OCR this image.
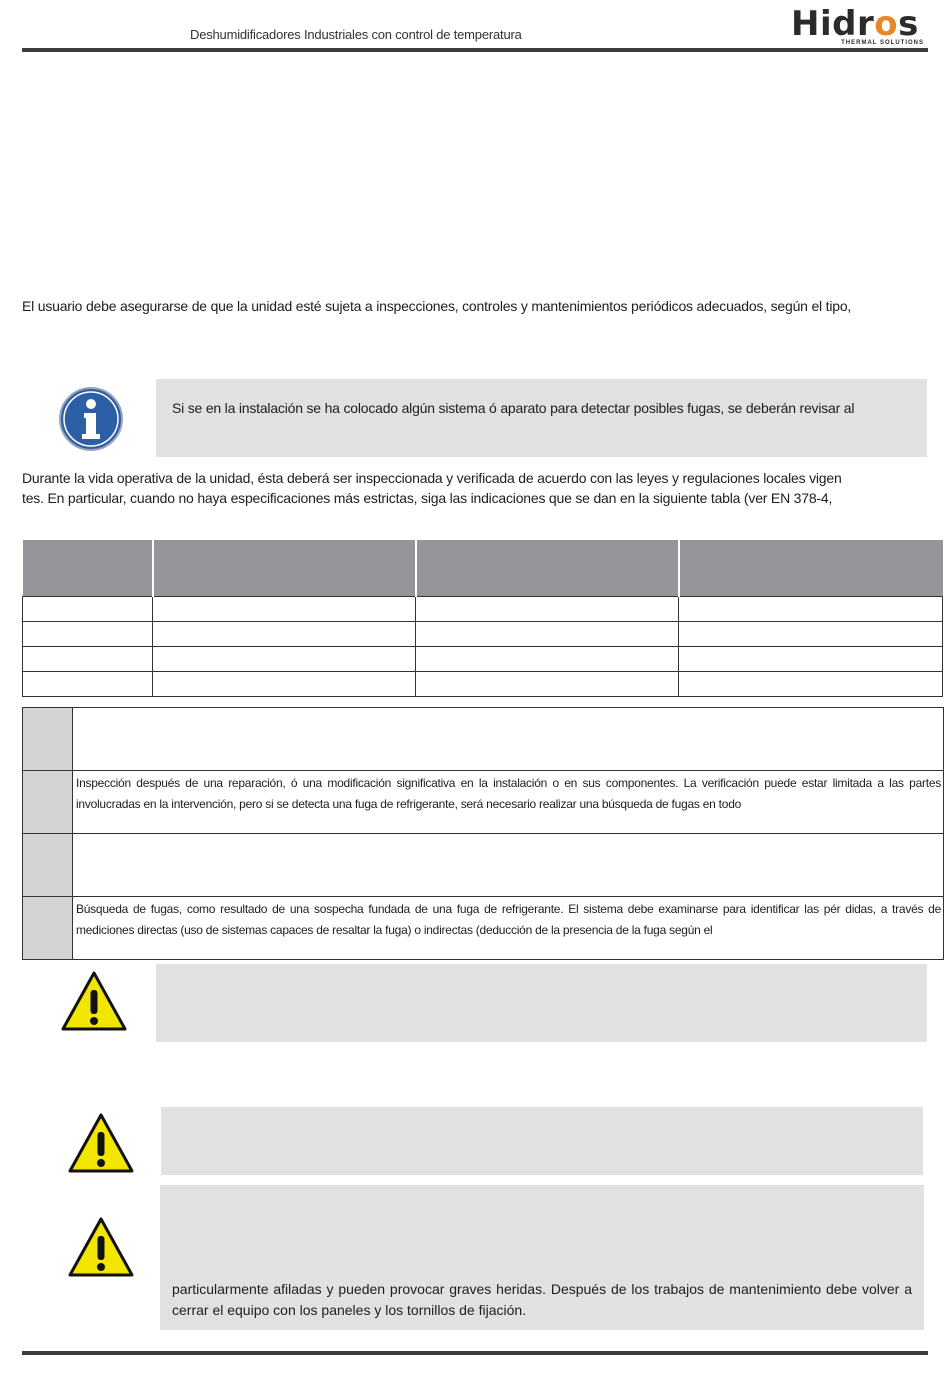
Deshumidificadores Industriales con control de temperatura	Hidros
THERMAL SOLUTIONS
El usuario debe asegurarse de que la unidad esté sujeta a inspecciones, controles y mantenimientos periódicos adecuados, según el tipo,
Si se en la instalación se ha colocado algún sistema ó aparato para detectar posibles fugas, se deberán revisar al
Durante la vida operativa de la unidad, ésta deberá ser inspeccionada y verificada de acuerdo con las leyes y regulaciones locales vigen
tes. En particular, cuando no haya especificaciones más estrictas, siga las indicaciones que se dan en la siguiente tabla (ver EN 378-4,

	Inspección después de una reparación, ó una modificación significativa en la instalación o en sus componentes. La verificación puede estar limitada a las partes involucradas en la intervención, pero si se detecta una fuga de refrigerante, será necesario realizar una búsqueda de fugas en todo

	Búsqueda de fugas, como resultado de una sospecha fundada de una fuga de refrigerante. El sistema debe examinarse para identificar las pér didas, a través de mediciones directas (uso de sistemas capaces de resaltar la fuga) o indirectas (deducción de la presencia de la fuga según el
particularmente afiladas y pueden provocar graves heridas. Después de los trabajos de mantenimiento debe volver a cerrar el equipo con los paneles y los tornillos de fijación.
